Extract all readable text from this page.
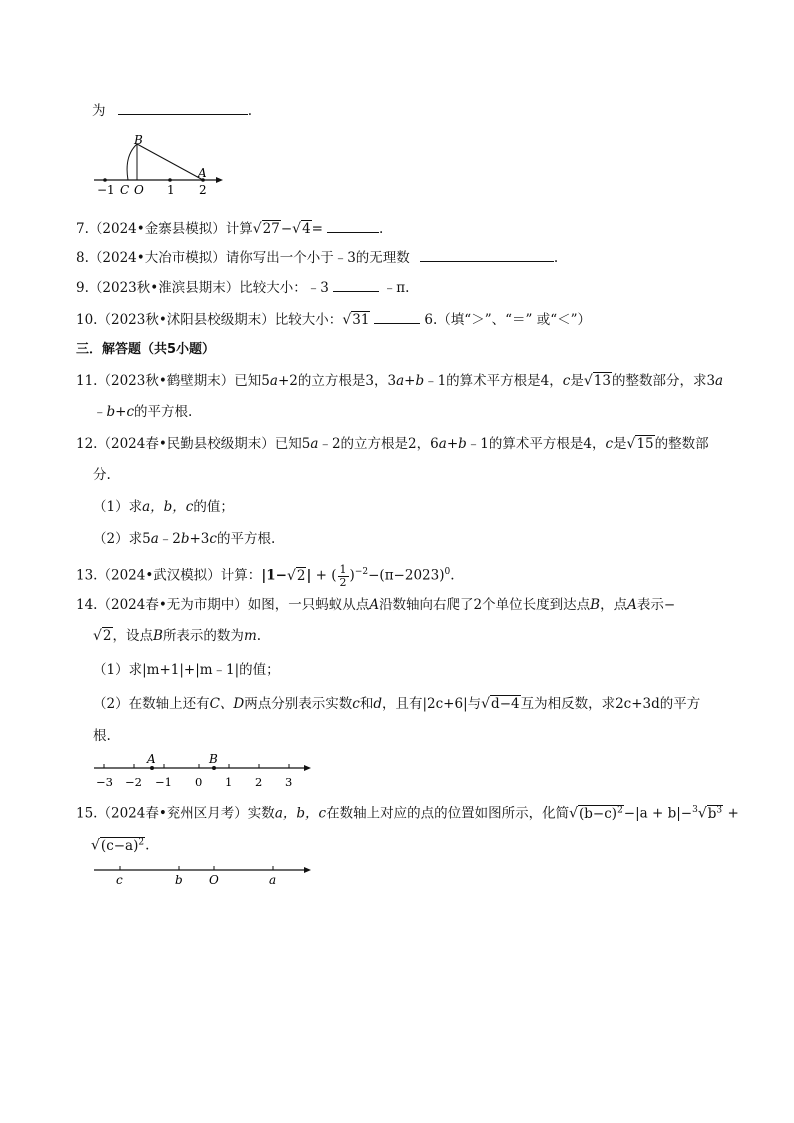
为	.
B
A
−1 C O 1 2
7.（2024•金寨县模拟）计算√27−√4=	.
8.（2024•大冶市模拟）请你写出一个小于﹣3的无理数	.
9.（2023秋•淮滨县期末）比较大小：﹣3	﹣π.
10.（2023秋•沭阳县校级期末）比较大小：√31	6.（填“＞”、“＝” 或“＜”）
三．解答题（共5小题）
11.（2023秋•鹤壁期末）已知5a+2的立方根是3，3a+b﹣1的算术平方根是4，c是√13的整数部分，求3a
﹣b+c的平方根.
12.（2024春•民勤县校级期末）已知5a﹣2的立方根是2，6a+b﹣1的算术平方根是4，c是√15的整数部
分.
（1）求a，b，c的值；
（2）求5a﹣2b+3c的平方根.
13.（2024•武汉模拟）计算：|1−√2| + ( $\frac{1}{2} )^{-2}-(\pi-2023)^0$.
14.（2024春•无为市期中）如图，一只蚂蚁从点A沿数轴向右爬了2个单位长度到达点B，点A表示−
√2，设点B所表示的数为m.
（1）求|m+1|+|m﹣1|的值；
（2）在数轴上还有C、D两点分别表示实数c和d，且有|2c+6|与√d−4互为相反数，求2c+3d的平方
根.
A	B
−3 −2 −1 0 1 2 3
15.（2024春•兖州区月考）实数a，b，c在数轴上对应的点的位置如图所示，化简$√(b-c)^2-|a + b|-^3√b^3$ +
$√(c-a)^2$.
c	b O	a
